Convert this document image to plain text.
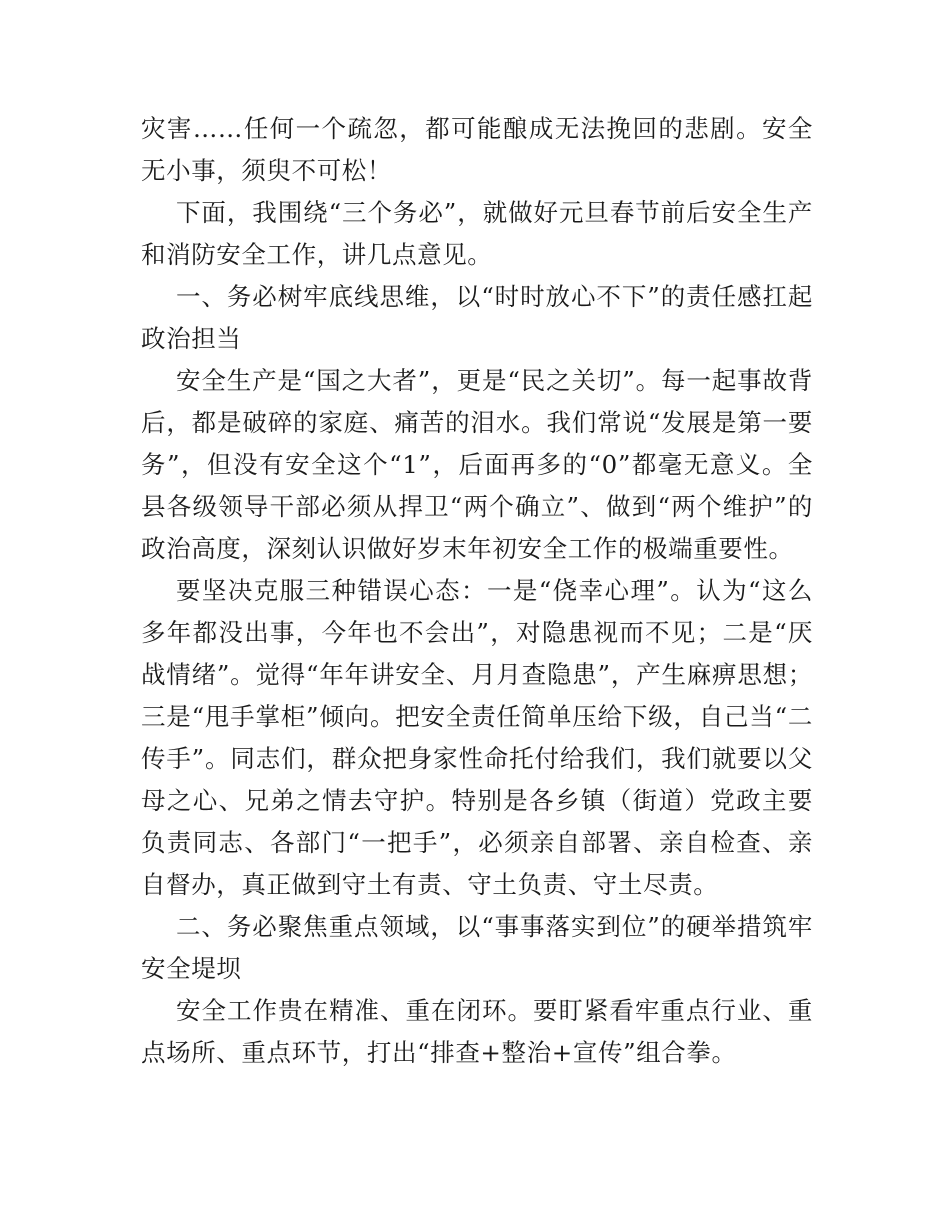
灾害……任何一个疏忽，都可能酿成无法挽回的悲剧。安全无小事，须臾不可松！

下面，我围绕“三个务必”，就做好元旦春节前后安全生产和消防安全工作，讲几点意见。

一、务必树牢底线思维，以“时时放心不下”的责任感扛起政治担当

安全生产是“国之大者”，更是“民之关切”。每一起事故背后，都是破碎的家庭、痛苦的泪水。我们常说“发展是第一要务”，但没有安全这个“1”，后面再多的“0”都毫无意义。全县各级领导干部必须从捍卫“两个确立”、做到“两个维护”的政治高度，深刻认识做好岁末年初安全工作的极端重要性。

要坚决克服三种错误心态：一是“侥幸心理”。认为“这么多年都没出事，今年也不会出”，对隐患视而不见；二是“厌战情绪”。觉得“年年讲安全、月月查隐患”，产生麻痹思想；三是“甩手掌柜”倾向。把安全责任简单压给下级，自己当“二传手”。同志们，群众把身家性命托付给我们，我们就要以父母之心、兄弟之情去守护。特别是各乡镇（街道）党政主要负责同志、各部门“一把手”，必须亲自部署、亲自检查、亲自督办，真正做到守土有责、守土负责、守土尽责。

二、务必聚焦重点领域，以“事事落实到位”的硬举措筑牢安全堤坝

安全工作贵在精准、重在闭环。要盯紧看牢重点行业、重点场所、重点环节，打出“排查+整治+宣传”组合拳。
